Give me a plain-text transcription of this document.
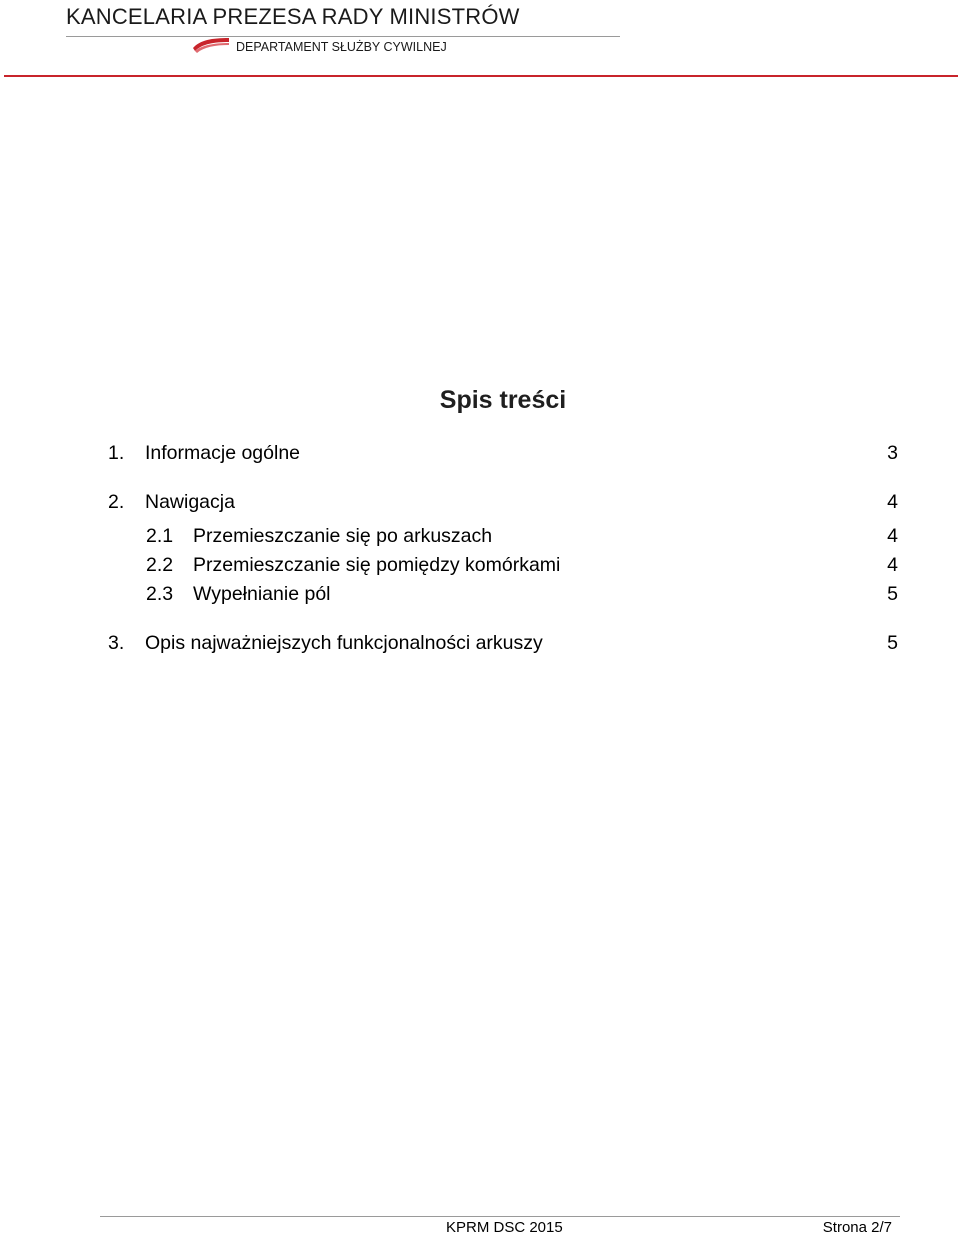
KANCELARIA PREZESA RADY MINISTRÓW
DEPARTAMENT SŁUŻBY CYWILNEJ
Spis treści
1. Informacje ogólne	3
2. Nawigacja	4
2.1 Przemieszczanie się po arkuszach	4
2.2 Przemieszczanie się pomiędzy komórkami	4
2.3 Wypełnianie pól	5
3. Opis najważniejszych funkcjonalności arkuszy	5
KPRM DSC 2015	Strona 2/7
